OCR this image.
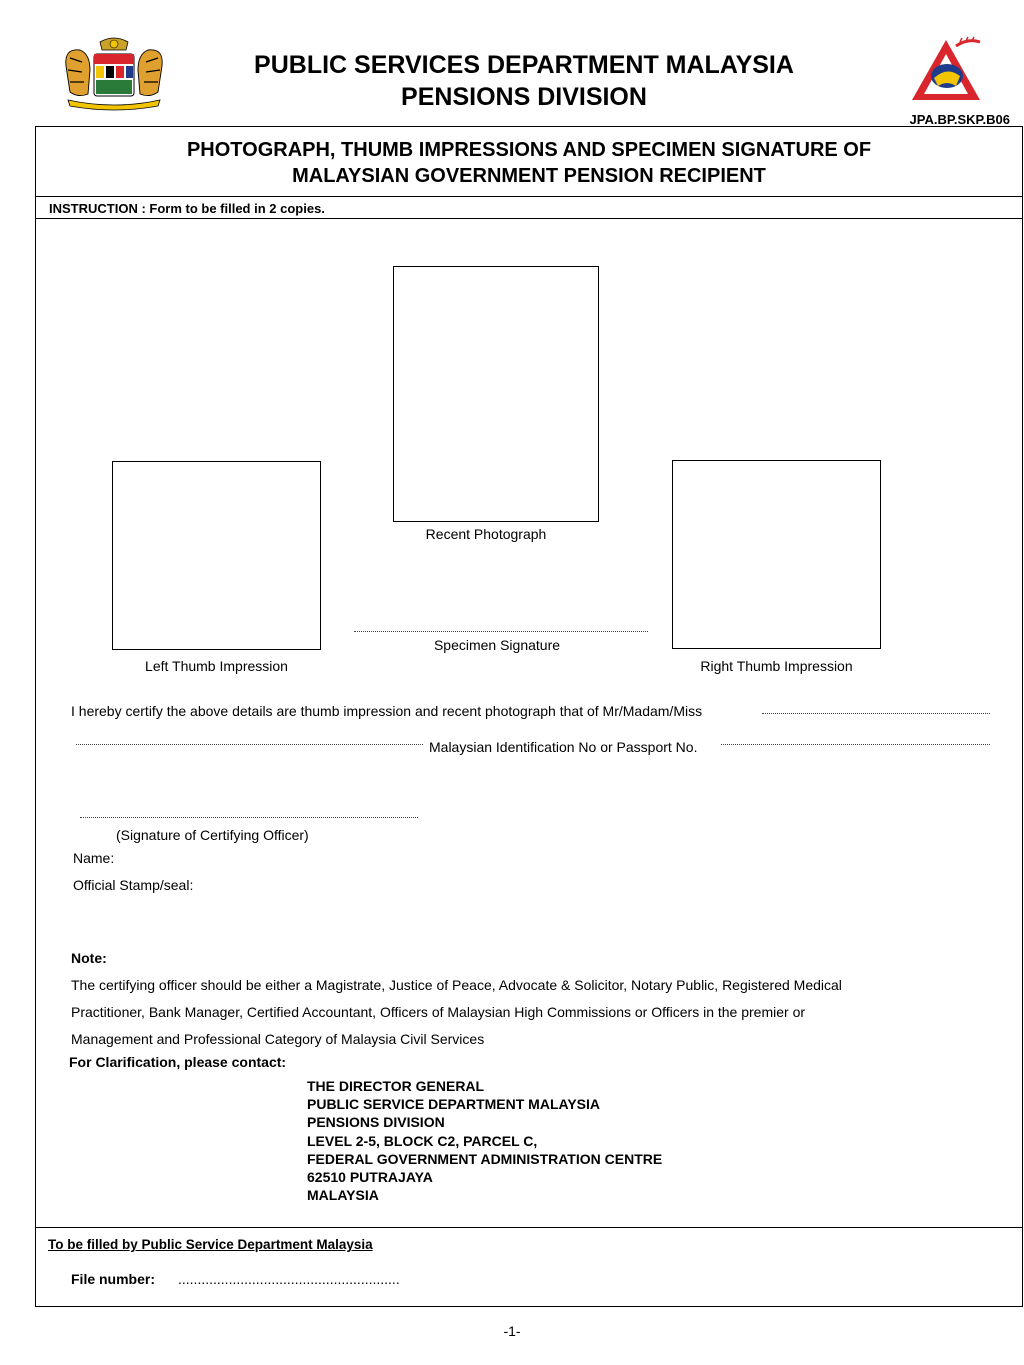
PUBLIC SERVICES DEPARTMENT MALAYSIA
PENSIONS DIVISION
JPA.BP.SKP.B06
PHOTOGRAPH, THUMB IMPRESSIONS AND SPECIMEN SIGNATURE OF
MALAYSIAN GOVERNMENT PENSION RECIPIENT
INSTRUCTION : Form to be filled in 2 copies.
Recent Photograph
Left Thumb Impression	Right Thumb Impression
Specimen Signature
I hereby certify the above details are thumb impression and recent photograph that of Mr/Madam/Miss
Malaysian Identification No or Passport No.
(Signature of Certifying Officer)
Name:
Official Stamp/seal:
Note:
The certifying officer should be either a Magistrate, Justice of Peace, Advocate & Solicitor, Notary Public, Registered Medical
Practitioner, Bank Manager, Certified Accountant, Officers of Malaysian High Commissions or Officers in the premier or
Management and Professional Category of Malaysia Civil Services
For Clarification, please contact:
THE DIRECTOR GENERAL
PUBLIC SERVICE DEPARTMENT MALAYSIA
PENSIONS DIVISION
LEVEL 2-5, BLOCK C2, PARCEL C,
FEDERAL GOVERNMENT ADMINISTRATION CENTRE
62510 PUTRAJAYA
MALAYSIA
To be filled by Public Service Department Malaysia
File number: .........................................................
-1-
